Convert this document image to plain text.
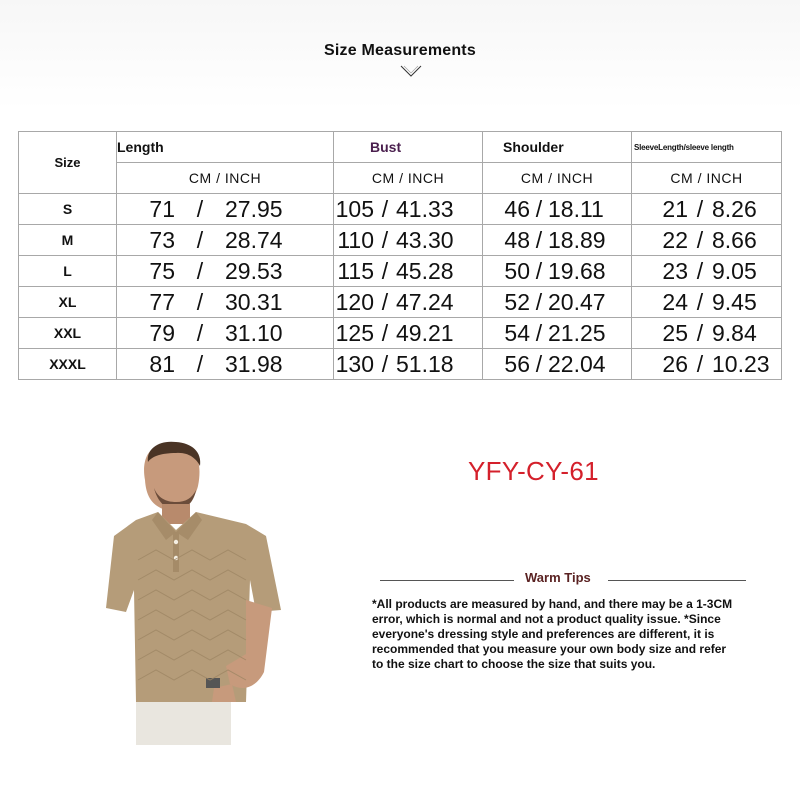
Size Measurements
Size	Length	Bust	Shoulder	SleeveLength/sleeve length
	CM / INCH	CM / INCH	CM / INCH	CM / INCH
S	71 / 27.95	105 / 41.33	46 / 18.11	21 / 8.26
M	73 / 28.74	110 / 43.30	48 / 18.89	22 / 8.66
L	75 / 29.53	115 / 45.28	50 / 19.68	23 / 9.05
XL	77 / 30.31	120 / 47.24	52 / 20.47	24 / 9.45
XXL	79 / 31.10	125 / 49.21	54 / 21.25	25 / 9.84
XXXL	81 / 31.98	130 / 51.18	56 / 22.04	26 / 10.23
YFY-CY-61
Warm Tips
*All products are measured by hand, and there may be a 1-3CM
error, which is normal and not a product quality issue. *Since
everyone's dressing style and preferences are different, it is
recommended that you measure your own body size and refer
to the size chart to choose the size that suits you.
